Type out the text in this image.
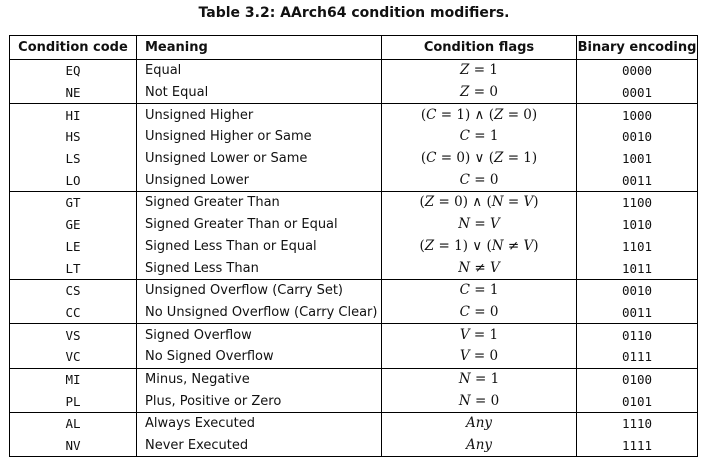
Table 3.2: AArch64 condition modifiers.
Condition code	Meaning	Condition flags	Binary encoding
EQ	Equal	Z = 1	0000
NE	Not Equal	Z = 0	0001
HI	Unsigned Higher	(C = 1) ∧ (Z = 0)	1000
HS	Unsigned Higher or Same	C = 1	0010
LS	Unsigned Lower or Same	(C = 0) ∨ (Z = 1)	1001
LO	Unsigned Lower	C = 0	0011
GT	Signed Greater Than	(Z = 0) ∧ (N = V)	1100
GE	Signed Greater Than or Equal	N = V	1010
LE	Signed Less Than or Equal	(Z = 1) ∨ (N ≠ V)	1101
LT	Signed Less Than	N ≠ V	1011
CS	Unsigned Overflow (Carry Set)	C = 1	0010
CC	No Unsigned Overflow (Carry Clear)	C = 0	0011
VS	Signed Overflow	V = 1	0110
VC	No Signed Overflow	V = 0	0111
MI	Minus, Negative	N = 1	0100
PL	Plus, Positive or Zero	N = 0	0101
AL	Always Executed	Any	1110
NV	Never Executed	Any	1111
